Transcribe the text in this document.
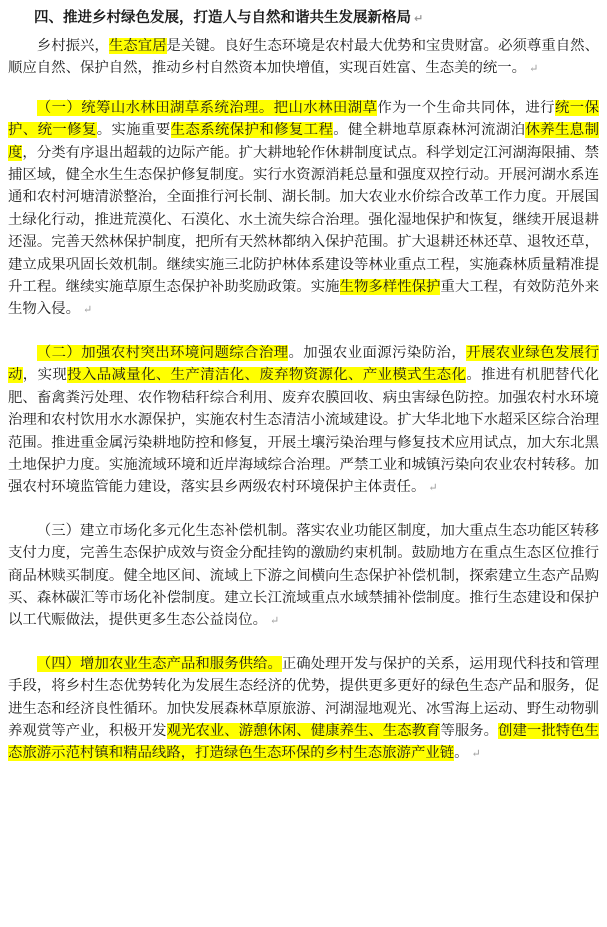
四、推进乡村绿色发展，打造人与自然和谐共生发展新格局 ↵

乡村振兴，生态宜居是关键。良好生态环境是农村最大优势和宝贵财富。必须尊重自然、顺应自然、保护自然，推动乡村自然资本加快增值，实现百姓富、生态美的统一。 ↵

（一）统筹山水林田湖草系统治理。把山水林田湖草作为一个生命共同体，进行统一保护、统一修复。实施重要生态系统保护和修复工程。健全耕地草原森林河流湖泊休养生息制度，分类有序退出超载的边际产能。扩大耕地轮作休耕制度试点。科学划定江河湖海限捕、禁捕区域，健全水生生态保护修复制度。实行水资源消耗总量和强度双控行动。开展河湖水系连通和农村河塘清淤整治，全面推行河长制、湖长制。加大农业水价综合改革工作力度。开展国土绿化行动，推进荒漠化、石漠化、水土流失综合治理。强化湿地保护和恢复，继续开展退耕还湿。完善天然林保护制度，把所有天然林都纳入保护范围。扩大退耕还林还草、退牧还草，建立成果巩固长效机制。继续实施三北防护林体系建设等林业重点工程，实施森林质量精准提升工程。继续实施草原生态保护补助奖励政策。实施生物多样性保护重大工程，有效防范外来生物入侵。 ↵

（二）加强农村突出环境问题综合治理。加强农业面源污染防治，开展农业绿色发展行动，实现投入品减量化、生产清洁化、废弃物资源化、产业模式生态化。推进有机肥替代化肥、畜禽粪污处理、农作物秸秆综合利用、废弃农膜回收、病虫害绿色防控。加强农村水环境治理和农村饮用水水源保护，实施农村生态清洁小流域建设。扩大华北地下水超采区综合治理范围。推进重金属污染耕地防控和修复，开展土壤污染治理与修复技术应用试点，加大东北黑土地保护力度。实施流域环境和近岸海域综合治理。严禁工业和城镇污染向农业农村转移。加强农村环境监管能力建设，落实县乡两级农村环境保护主体责任。 ↵

（三）建立市场化多元化生态补偿机制。落实农业功能区制度，加大重点生态功能区转移支付力度，完善生态保护成效与资金分配挂钩的激励约束机制。鼓励地方在重点生态区位推行商品林赎买制度。健全地区间、流域上下游之间横向生态保护补偿机制，探索建立生态产品购买、森林碳汇等市场化补偿制度。建立长江流域重点水域禁捕补偿制度。推行生态建设和保护以工代赈做法，提供更多生态公益岗位。 ↵

（四）增加农业生态产品和服务供给。正确处理开发与保护的关系，运用现代科技和管理手段，将乡村生态优势转化为发展生态经济的优势，提供更多更好的绿色生态产品和服务，促进生态和经济良性循环。加快发展森林草原旅游、河湖湿地观光、冰雪海上运动、野生动物驯养观赏等产业，积极开发观光农业、游憩休闲、健康养生、生态教育等服务。创建一批特色生态旅游示范村镇和精品线路，打造绿色生态环保的乡村生态旅游产业链。 ↵
